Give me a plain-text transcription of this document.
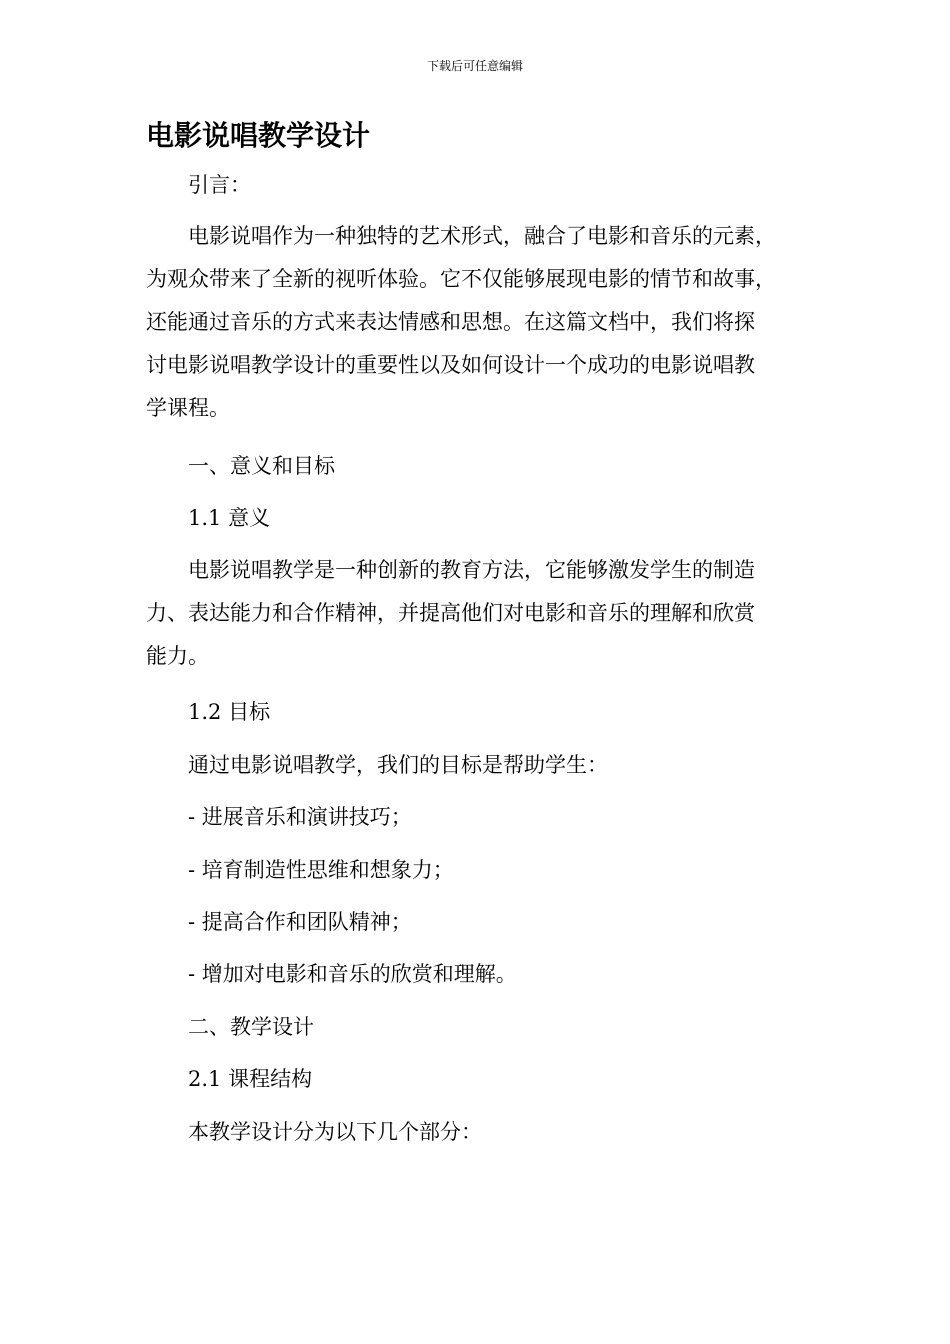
下载后可任意编辑
电影说唱教学设计

引言：

电影说唱作为一种独特的艺术形式，融合了电影和音乐的元素，
为观众带来了全新的视听体验。它不仅能够展现电影的情节和故事，
还能通过音乐的方式来表达情感和思想。在这篇文档中，我们将探
讨电影说唱教学设计的重要性以及如何设计一个成功的电影说唱教
学课程。

一、意义和目标

1.1 意义

电影说唱教学是一种创新的教育方法，它能够激发学生的制造
力、表达能力和合作精神，并提高他们对电影和音乐的理解和欣赏
能力。

1.2 目标

通过电影说唱教学，我们的目标是帮助学生：

- 进展音乐和演讲技巧；

- 培育制造性思维和想象力；

- 提高合作和团队精神；

- 增加对电影和音乐的欣赏和理解。

二、教学设计

2.1 课程结构

本教学设计分为以下几个部分：
